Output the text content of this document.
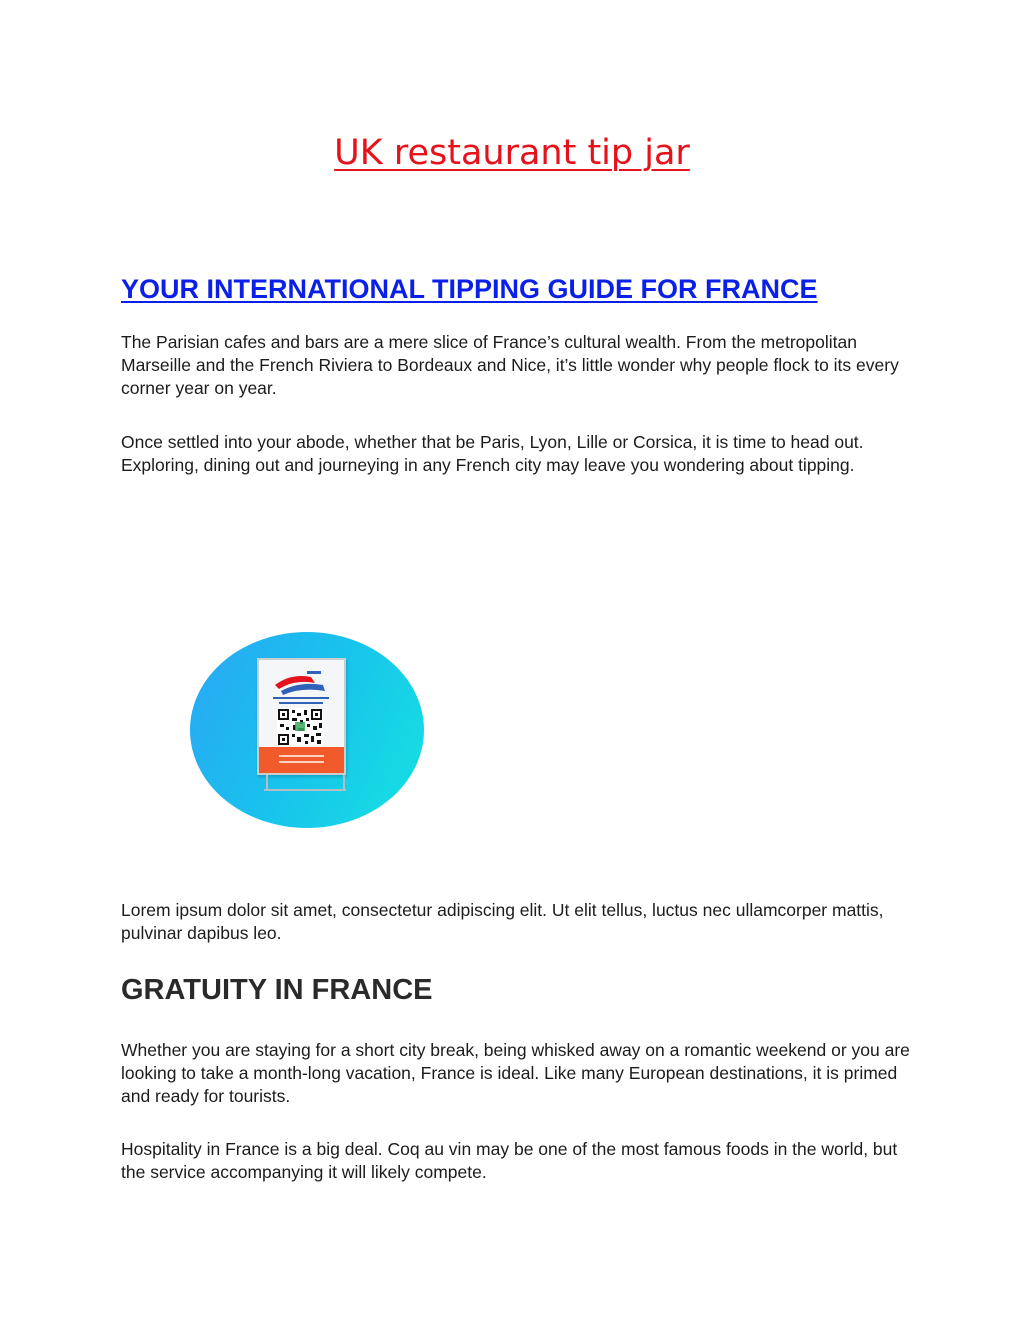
UK restaurant tip jar
YOUR INTERNATIONAL TIPPING GUIDE FOR FRANCE

The Parisian cafes and bars are a mere slice of France’s cultural wealth. From the metropolitan Marseille and the French Riviera to Bordeaux and Nice, it’s little wonder why people flock to its every corner year on year.

Once settled into your abode, whether that be Paris, Lyon, Lille or Corsica, it is time to head out. Exploring, dining out and journeying in any French city may leave you wondering about tipping.

Lorem ipsum dolor sit amet, consectetur adipiscing elit. Ut elit tellus, luctus nec ullamcorper mattis, pulvinar dapibus leo.

GRATUITY IN FRANCE

Whether you are staying for a short city break, being whisked away on a romantic weekend or you are looking to take a month-long vacation, France is ideal. Like many European destinations, it is primed and ready for tourists.

Hospitality in France is a big deal. Coq au vin may be one of the most famous foods in the world, but the service accompanying it will likely compete.
